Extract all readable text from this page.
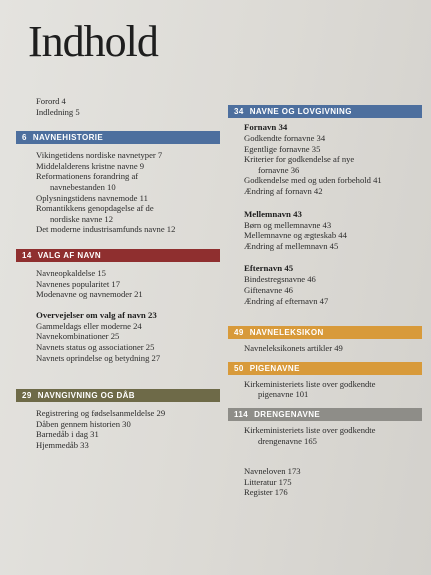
Indhold
Forord 4
Indledning 5
6 NAVNEHISTORIE
Vikingetidens nordiske navnetyper 7
Middelalderens kristne navne 9
Reformationens forandring af
navnebestanden 10
Oplysningstidens navnemode 11
Romantikkens genopdagelse af de
nordiske navne 12
Det moderne industrisamfunds navne 12
14 VALG AF NAVN
Navneopkaldelse 15
Navnenes popularitet 17
Modenavne og navnemoder 21
Overvejelser om valg af navn 23
Gammeldags eller moderne 24
Navnekombinationer 25
Navnets status og associationer 25
Navnets oprindelse og betydning 27
29 NAVNGIVNING OG DÅB
Registrering og fødselsanmeldelse 29
Dåben gennem historien 30
Barnedåb i dag 31
Hjemmedåb 33
34 NAVNE OG LOVGIVNING
Fornavn 34
Godkendte fornavne 34
Egentlige fornavne 35
Kriterier for godkendelse af nye
fornavne 36
Godkendelse med og uden forbehold 41
Ændring af fornavn 42
Mellemnavn 43
Børn og mellemnavne 43
Mellemnavne og ægteskab 44
Ændring af mellemnavn 45
Efternavn 45
Bindestregsnavne 46
Giftenavne 46
Ændring af efternavn 47
49 NAVNELEKSIKON
Navneleksikonets artikler 49
50 PIGENAVNE
Kirkeministeriets liste over godkendte
pigenavne 101
114 DRENGENAVNE
Kirkeministeriets liste over godkendte
drengenavne 165
Navneloven 173
Litteratur 175
Register 176
